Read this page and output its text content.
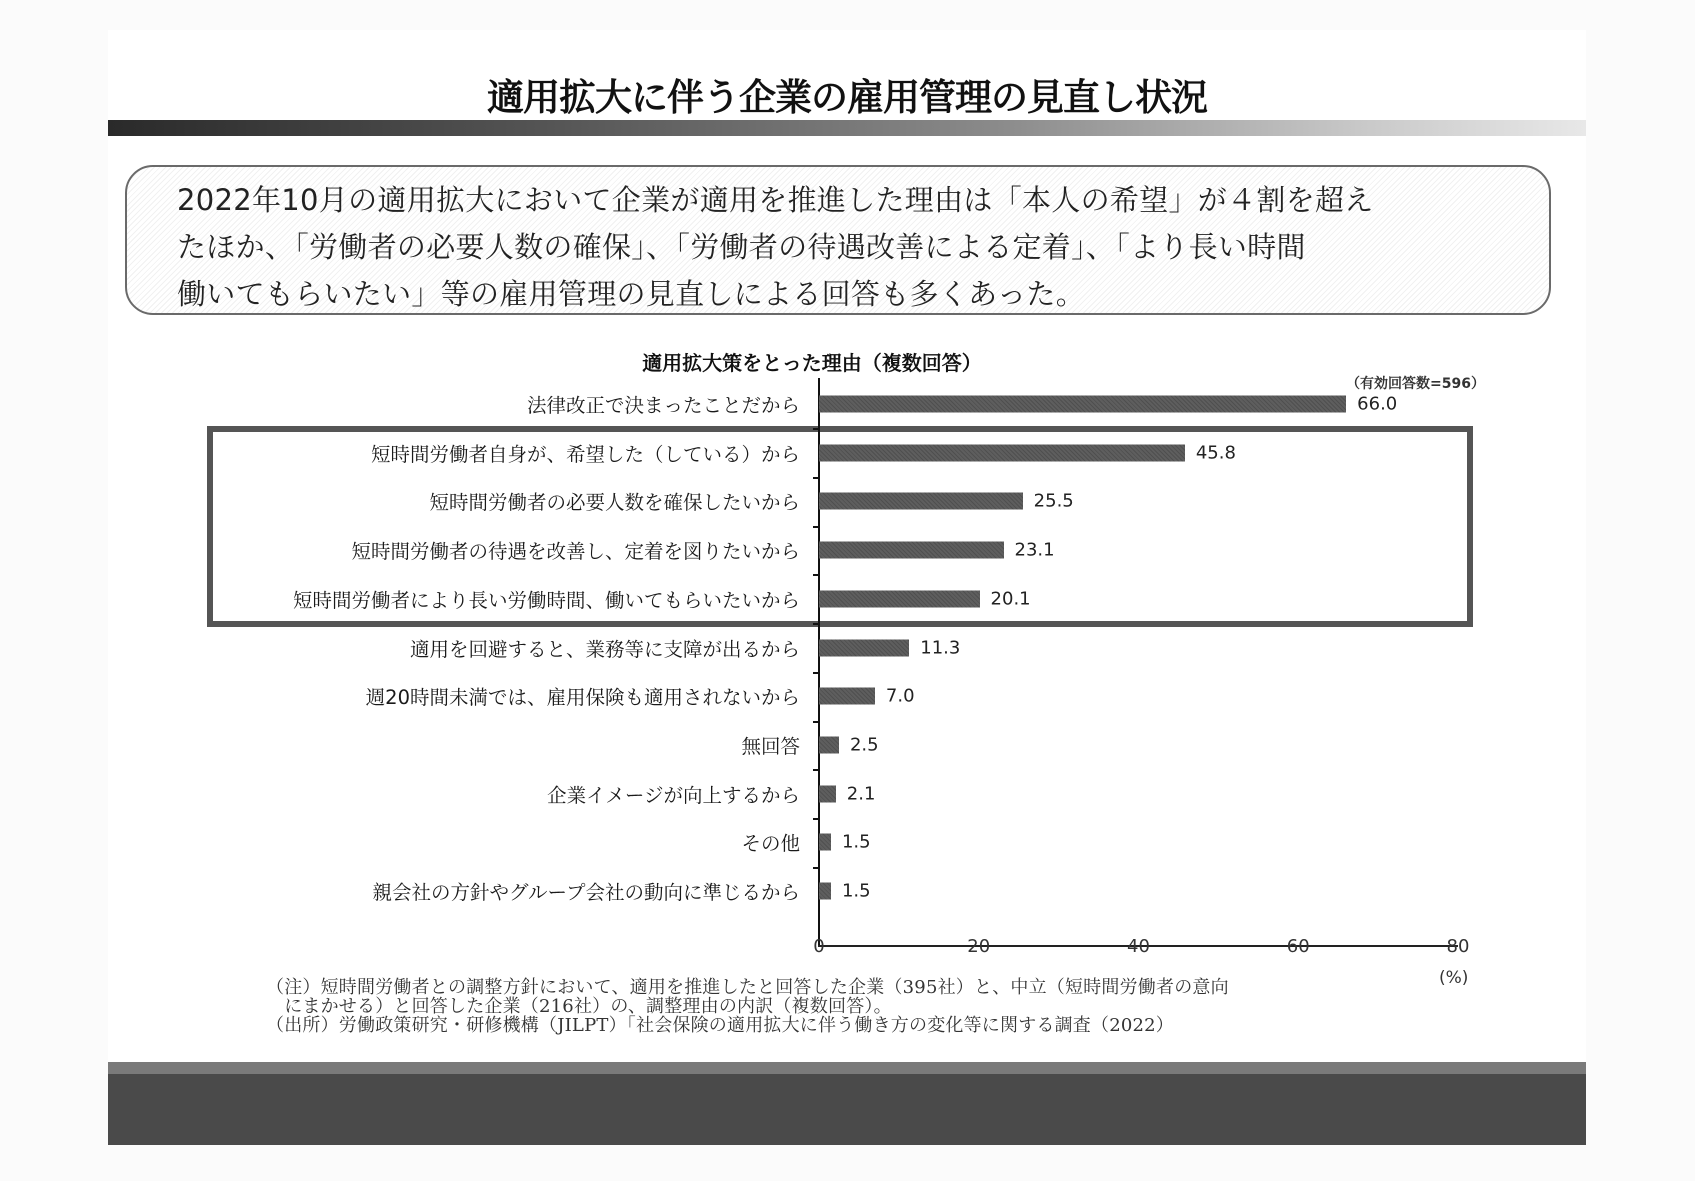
適用拡大に伴う企業の雇用管理の見直し状況
2022年10月の適用拡大において企業が適用を推進した理由は「本人の希望」が４割を超え
たほか、「労働者の必要人数の確保」、「労働者の待遇改善による定着」、「より長い時間
働いてもらいたい」等の雇用管理の見直しによる回答も多くあった。
適用拡大策をとった理由（複数回答）
（有効回答数=596）
(%)
法律改正で決まったことだから	66.0
短時間労働者自身が、希望した（している）から	45.8
短時間労働者の必要人数を確保したいから	25.5
短時間労働者の待遇を改善し、定着を図りたいから	23.1
短時間労働者により長い労働時間、働いてもらいたいから	20.1
適用を回避すると、業務等に支障が出るから	11.3
週20時間未満では、雇用保険も適用されないから	7.0
無回答	2.5
企業イメージが向上するから	2.1
その他 1.5
親会社の方針やグループ会社の動向に準じるから 1.5
0	20	40	60	80
（注）短時間労働者との調整方針において、適用を推進したと回答した企業（395社）と、中立（短時間労働者の意向
　にまかせる）と回答した企業（216社）の、調整理由の内訳（複数回答）。
（出所）労働政策研究・研修機構（JILPT）「社会保険の適用拡大に伴う働き方の変化等に関する調査（2022）
